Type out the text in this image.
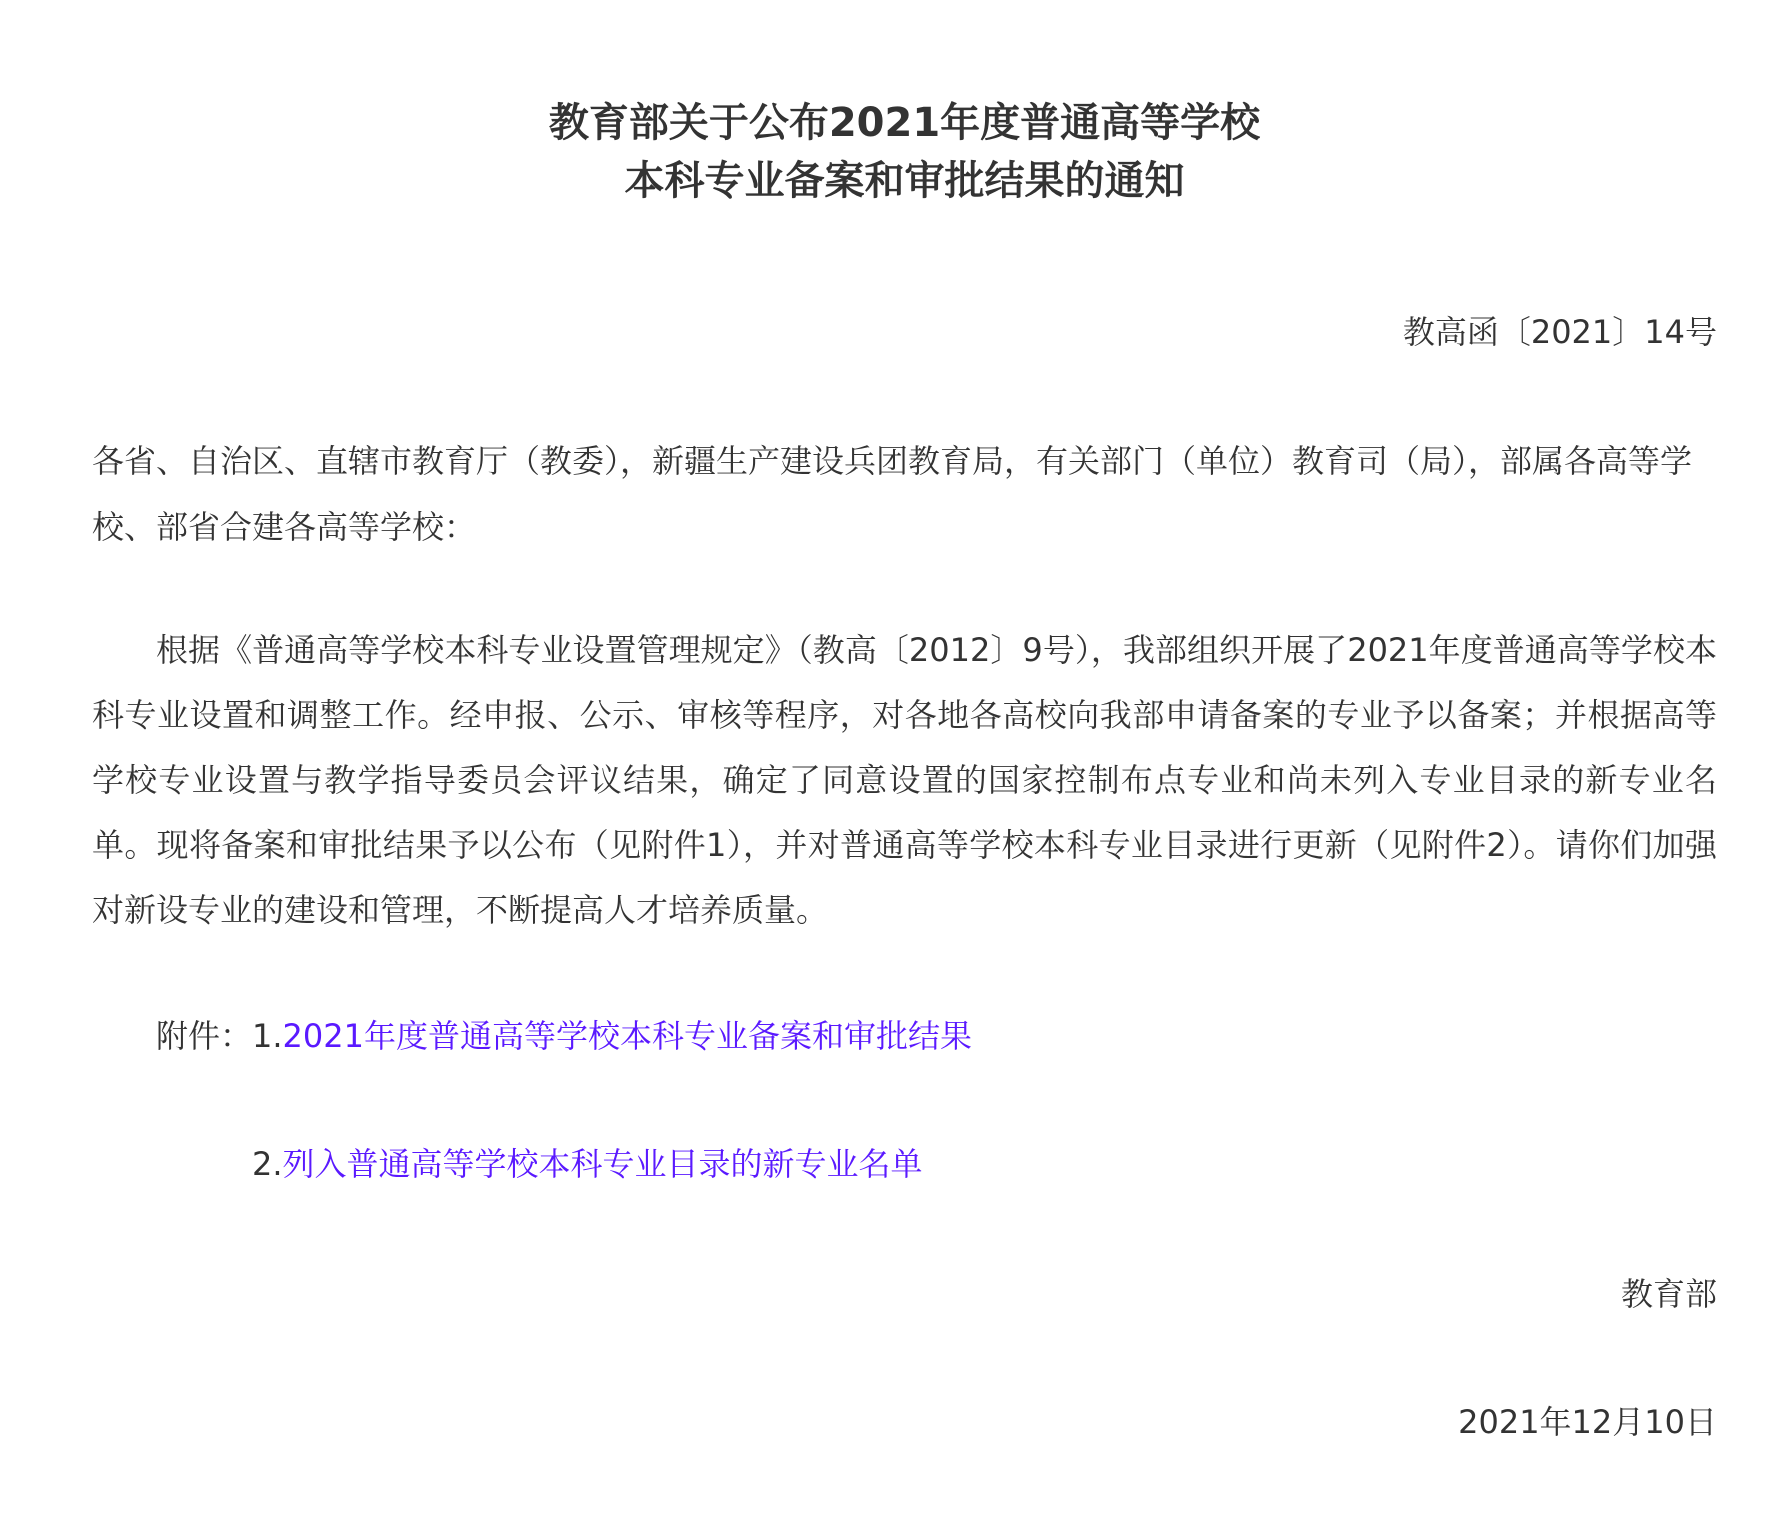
教育部关于公布2021年度普通高等学校
本科专业备案和审批结果的通知
教高函〔2021〕14号
各省、自治区、直辖市教育厅（教委），新疆生产建设兵团教育局，有关部门（单位）教育司（局），部属各高等学校、部省合建各高等学校：
根据《普通高等学校本科专业设置管理规定》（教高〔2012〕9号），我部组织开展了2021年度普通高等学校本科专业设置和调整工作。经申报、公示、审核等程序，对各地各高校向我部申请备案的专业予以备案；并根据高等学校专业设置与教学指导委员会评议结果，确定了同意设置的国家控制布点专业和尚未列入专业目录的新专业名单。现将备案和审批结果予以公布（见附件1），并对普通高等学校本科专业目录进行更新（见附件2）。请你们加强对新设专业的建设和管理，不断提高人才培养质量。
附件：1.2021年度普通高等学校本科专业备案和审批结果
2.列入普通高等学校本科专业目录的新专业名单
教育部
2021年12月10日
